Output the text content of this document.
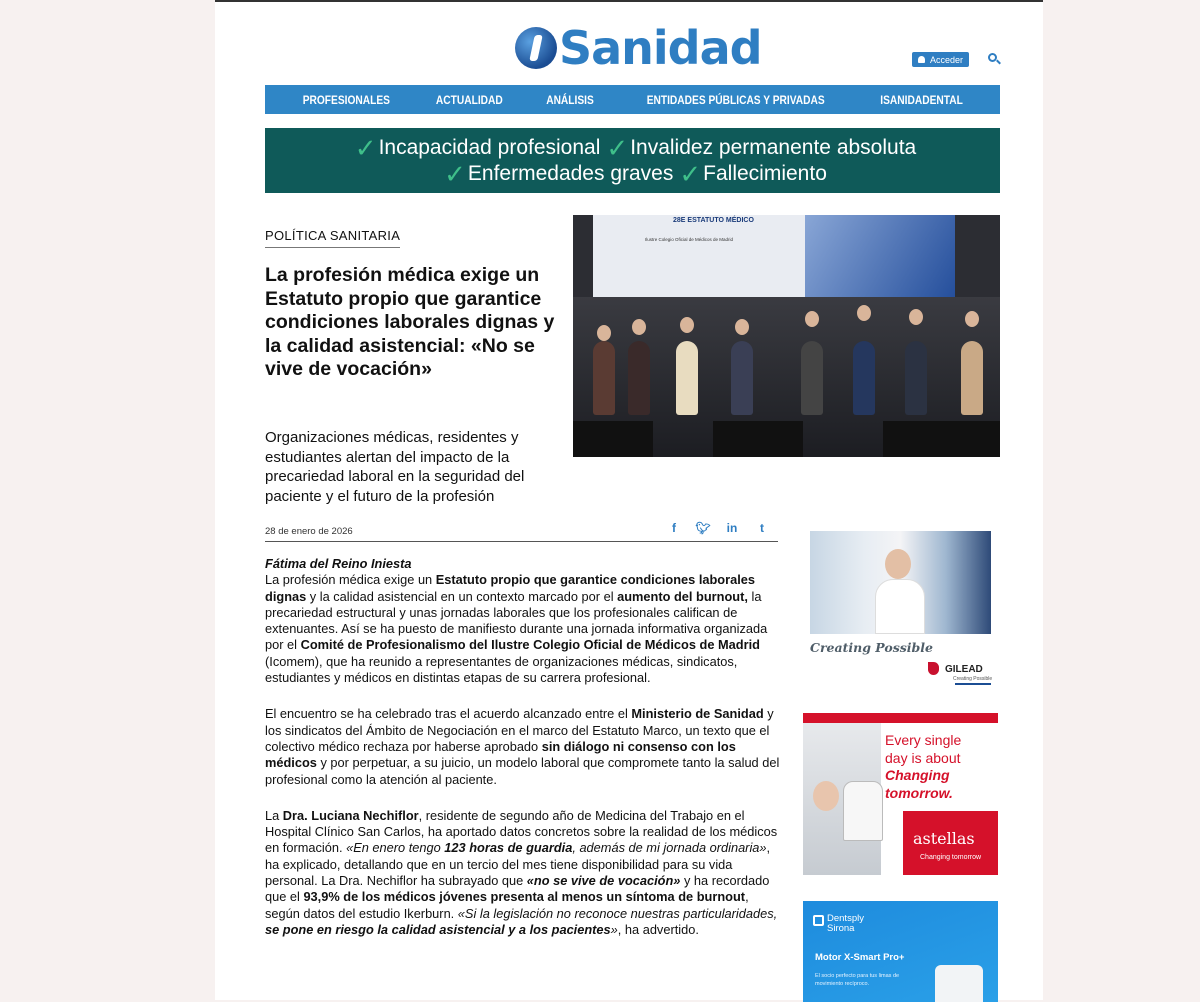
Sanidad	Acceder
PROFESIONALES	ACTUALIDAD	ANÁLISIS	ENTIDADES PÚBLICAS Y PRIVADAS	ISANIDADENTAL
✓ Incapacidad profesional ✓ Invalidez permanente absoluta
✓ Enfermedades graves ✓ Fallecimiento
POLÍTICA SANITARIA
La profesión médica exige un Estatuto propio que garantice condiciones laborales dignas y la calidad asistencial: «No se vive de vocación»
Organizaciones médicas, residentes y estudiantes alertan del impacto de la precariedad laboral en la seguridad del paciente y el futuro de la profesión
28E ESTATUTO MÉDICO
Ilustre Colegio Oficial de Médicos de Madrid
28 de enero de 2026	f	🐦︎ in	t

Fátima del Reino Iniesta
La profesión médica exige un Estatuto propio que garantice condiciones laborales dignas y la calidad asistencial en un contexto marcado por el aumento del burnout, la precariedad estructural y unas jornadas laborales que los profesionales califican de extenuantes. Así se ha puesto de manifiesto durante una jornada informativa organizada por el Comité de Profesionalismo del Ilustre Colegio Oficial de Médicos de Madrid (Icomem), que ha reunido a representantes de organizaciones médicas, sindicatos, estudiantes y médicos en distintas etapas de su carrera profesional.

El encuentro se ha celebrado tras el acuerdo alcanzado entre el Ministerio de Sanidad y los sindicatos del Ámbito de Negociación en el marco del Estatuto Marco, un texto que el colectivo médico rechaza por haberse aprobado sin diálogo ni consenso con los médicos y por perpetuar, a su juicio, un modelo laboral que compromete tanto la salud del profesional como la atención al paciente.

La Dra. Luciana Nechiflor, residente de segundo año de Medicina del Trabajo en el Hospital Clínico San Carlos, ha aportado datos concretos sobre la realidad de los médicos en formación. «En enero tengo 123 horas de guardia, además de mi jornada ordinaria», ha explicado, detallando que en un tercio del mes tiene disponibilidad para su vida personal. La Dra. Nechiflor ha subrayado que «no se vive de vocación» y ha recordado que el 93,9% de los médicos jóvenes presenta al menos un síntoma de burnout, según datos del estudio Ikerburn. «Si la legislación no reconoce nuestras particularidades, se pone en riesgo la calidad asistencial y a los pacientes», ha advertido.

Creating Possible
GILEAD
Creating Possible
Every single
day is about
Changing
tomorrow.
astellas
Changing tomorrow
Dentsply
Sirona
Motor X-Smart Pro+
El socio perfecto para tus limas de movimiento recíproco.
